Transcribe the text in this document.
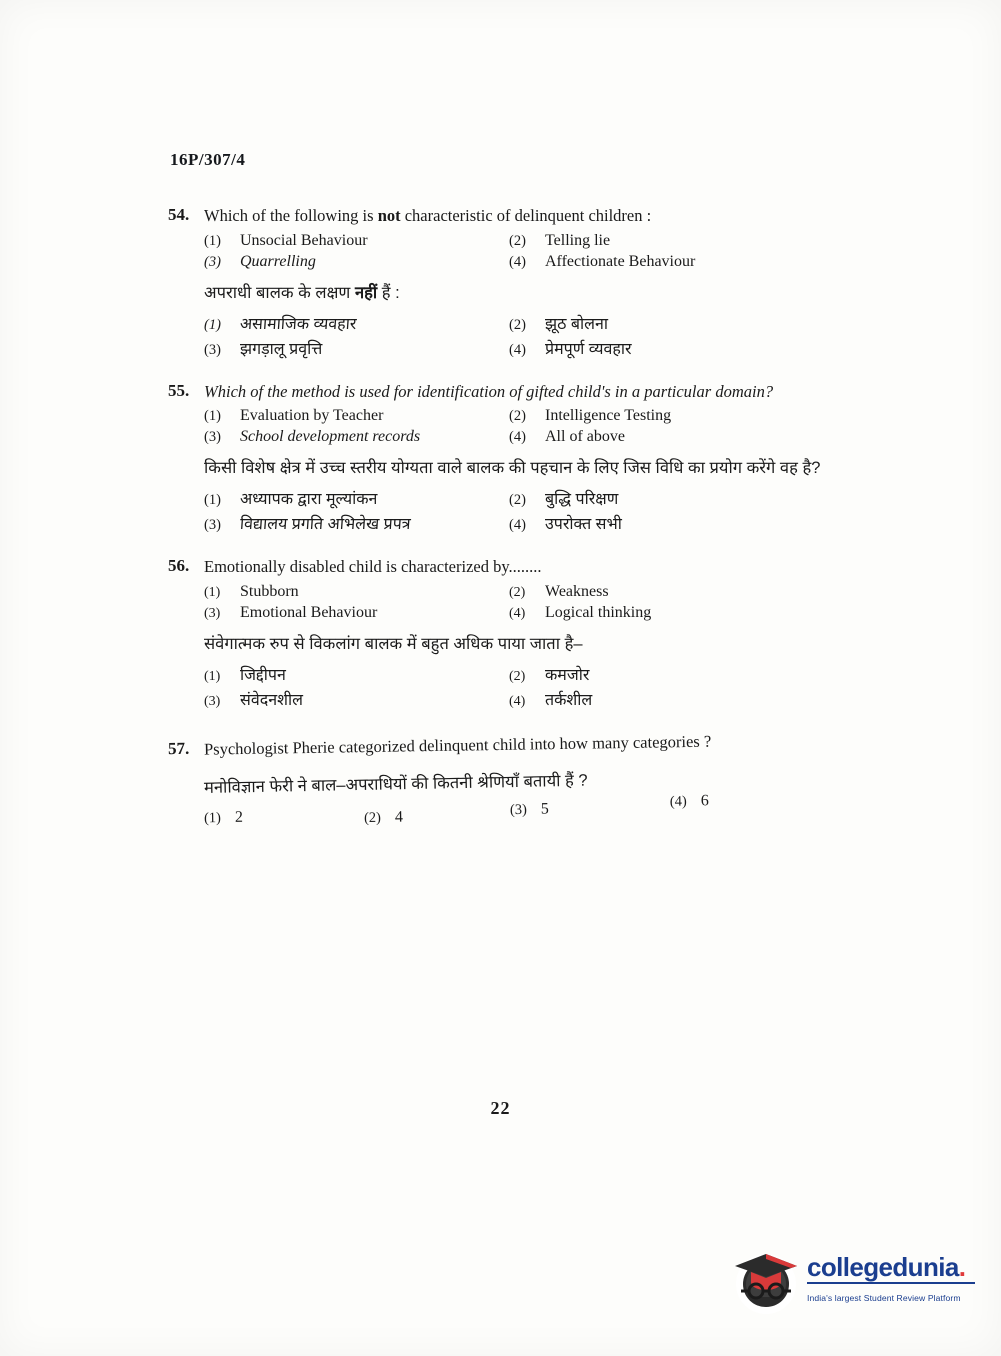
16P/307/4
54. Which of the following is not characteristic of delinquent children :
(1)	Unsocial Behaviour	(2)	Telling lie
(3)	Quarrelling	(4)	Affectionate Behaviour
अपराधी बालक के लक्षण नहीं हैं :
(1)	असामाजिक व्यवहार	(2)	झूठ बोलना
(3)	झगड़ालू प्रवृत्ति	(4)	प्रेमपूर्ण व्यवहार
55. Which of the method is used for identification of gifted child's in a particular domain?
(1)	Evaluation by Teacher	(2)	Intelligence Testing
(3)	School development records	(4)	All of above
किसी विशेष क्षेत्र में उच्च स्तरीय योग्यता वाले बालक की पहचान के लिए जिस विधि का प्रयोग करेंगे वह है?
(1)	अध्यापक द्वारा मूल्यांकन	(2)	बुद्धि परिक्षण
(3)	विद्यालय प्रगति अभिलेख प्रपत्र	(4)	उपरोक्त सभी
56. Emotionally disabled child is characterized by........
(1)	Stubborn	(2)	Weakness
(3)	Emotional Behaviour	(4)	Logical thinking
संवेगात्मक रुप से विकलांग बालक में बहुत अधिक पाया जाता है–
(1)	जिद्दीपन	(2)	कमजोर
(3)	संवेदनशील	(4)	तर्कशील
57. Psychologist Pherie categorized delinquent child into how many categories ?
मनोविज्ञान फेरी ने बाल–अपराधियों की कितनी श्रेणियाँ बतायी हैं ?
(1) 2	(2) 4	(3) 5	(4) 6
22
collegedunia.
India's largest Student Review Platform
